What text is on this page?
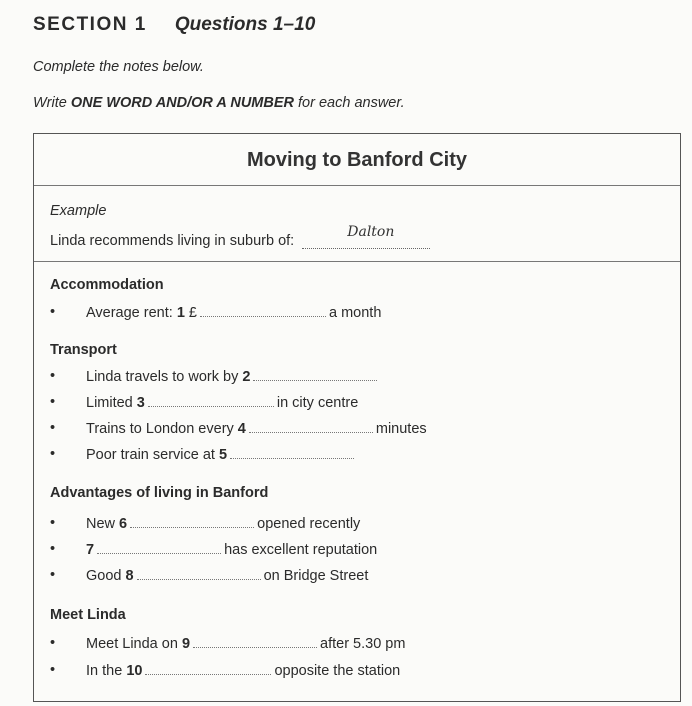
SECTION 1 Questions 1–10
Complete the notes below.
Write ONE WORD AND/OR A NUMBER for each answer.
Moving to Banford City
Example
Linda recommends living in suburb of:
Dalton
Accommodation
• Average rent: 1 £	a month
Transport
• Linda travels to work by 2
• Limited 3	in city centre
• Trains to London every 4	minutes
• Poor train service at 5
Advantages of living in Banford
• New 6	opened recently
• 7	has excellent reputation
• Good 8	on Bridge Street
Meet Linda
• Meet Linda on 9	after 5.30 pm
• In the 10	opposite the station
